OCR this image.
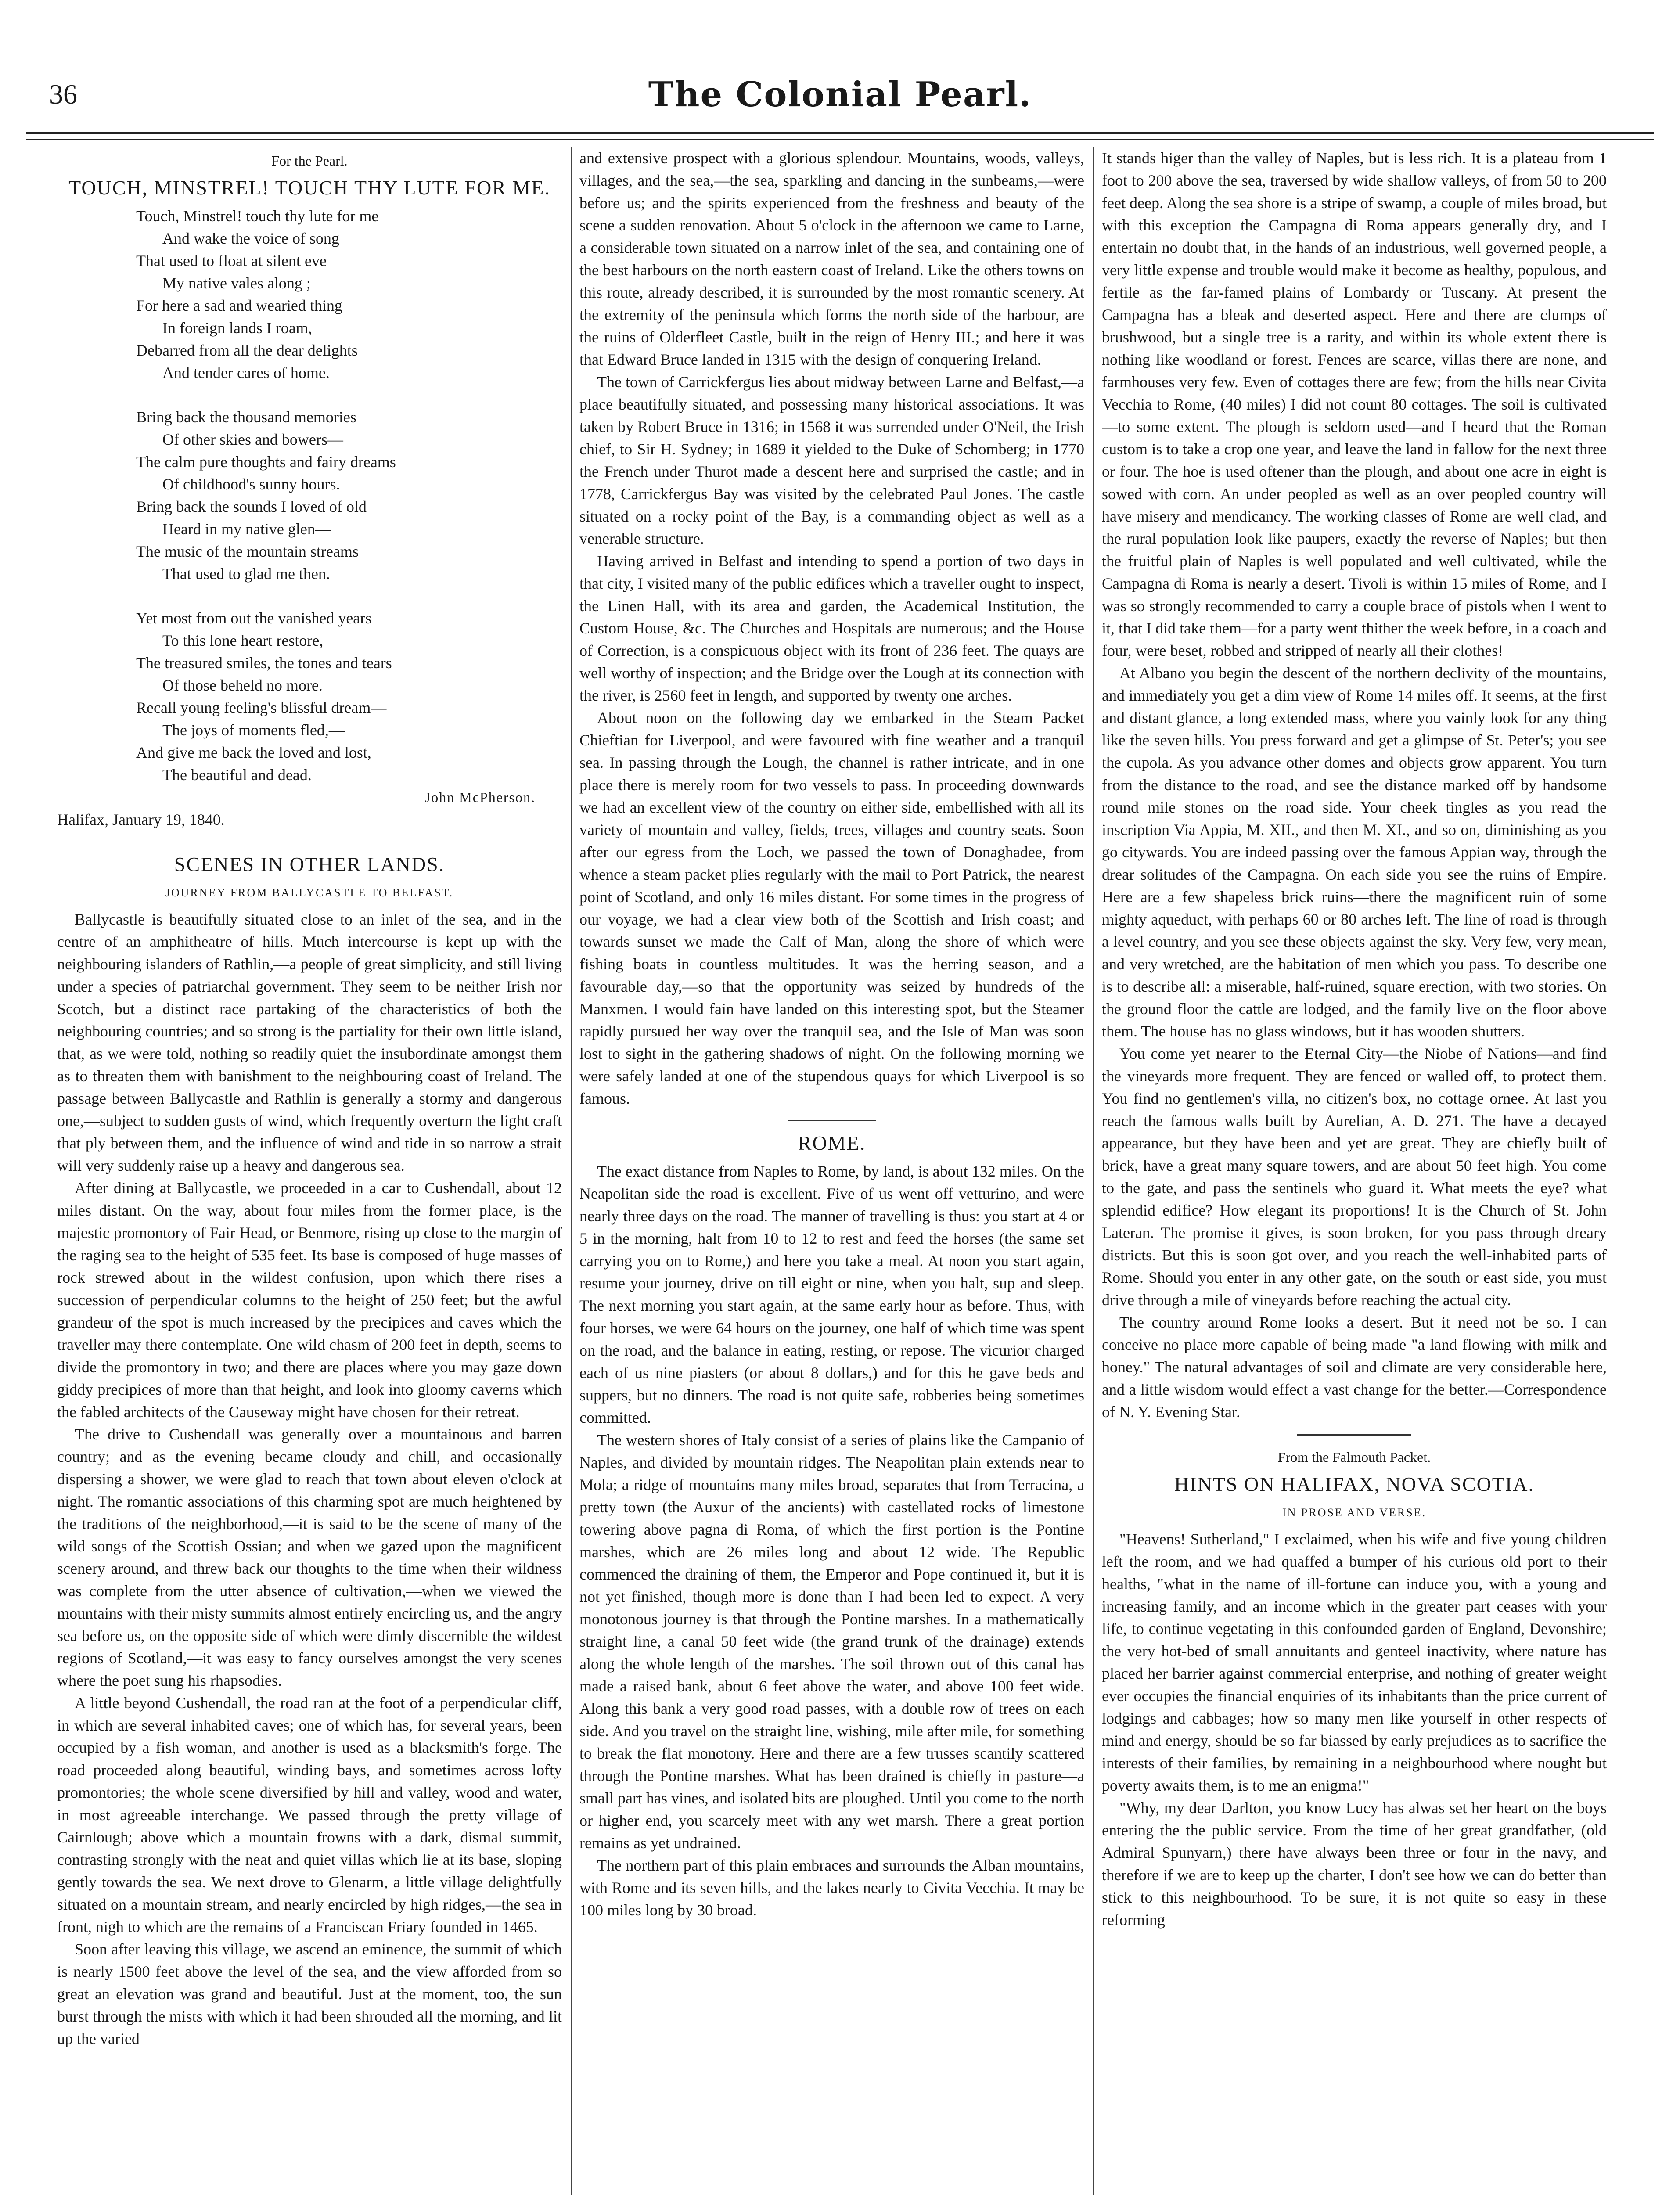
36	The Colonial Pearl.
For the Pearl.
TOUCH, MINSTREL! TOUCH THY LUTE FOR ME.
Touch, Minstrel! touch thy lute for me
And wake the voice of song
That used to float at silent eve
My native vales along ;
For here a sad and wearied thing
In foreign lands I roam,
Debarred from all the dear delights
And tender cares of home.
Bring back the thousand memories
Of other skies and bowers—
The calm pure thoughts and fairy dreams
Of childhood's sunny hours.
Bring back the sounds I loved of old
Heard in my native glen—
The music of the mountain streams
That used to glad me then.
Yet most from out the vanished years
To this lone heart restore,
The treasured smiles, the tones and tears
Of those beheld no more.
Recall young feeling's blissful dream—
The joys of moments fled,—
And give me back the loved and lost,
The beautiful and dead.
John McPherson.
Halifax, January 19, 1840.
SCENES IN OTHER LANDS.
JOURNEY FROM BALLYCASTLE TO BELFAST.

Ballycastle is beautifully situated close to an inlet of the sea, and in the centre of an amphitheatre of hills. Much intercourse is kept up with the neighbouring islanders of Rathlin,—a people of great simplicity, and still living under a species of patriarchal government. They seem to be neither Irish nor Scotch, but a distinct race partaking of the characteristics of both the neighbouring countries; and so strong is the partiality for their own little island, that, as we were told, nothing so readily quiet the insubordinate amongst them as to threaten them with banishment to the neighbouring coast of Ireland. The passage between Ballycastle and Rathlin is generally a stormy and dangerous one,—subject to sudden gusts of wind, which frequently overturn the light craft that ply between them, and the influence of wind and tide in so narrow a strait will very suddenly raise up a heavy and dangerous sea.

After dining at Ballycastle, we proceeded in a car to Cushendall, about 12 miles distant. On the way, about four miles from the former place, is the majestic promontory of Fair Head, or Benmore, rising up close to the margin of the raging sea to the height of 535 feet. Its base is composed of huge masses of rock strewed about in the wildest confusion, upon which there rises a succession of perpendicular columns to the height of 250 feet; but the awful grandeur of the spot is much increased by the precipices and caves which the traveller may there contemplate. One wild chasm of 200 feet in depth, seems to divide the promontory in two; and there are places where you may gaze down giddy precipices of more than that height, and look into gloomy caverns which the fabled architects of the Causeway might have chosen for their retreat.

The drive to Cushendall was generally over a mountainous and barren country; and as the evening became cloudy and chill, and occasionally dispersing a shower, we were glad to reach that town about eleven o'clock at night. The romantic associations of this charming spot are much heightened by the traditions of the neighborhood,—it is said to be the scene of many of the wild songs of the Scottish Ossian; and when we gazed upon the magnificent scenery around, and threw back our thoughts to the time when their wildness was complete from the utter absence of cultivation,—when we viewed the mountains with their misty summits almost entirely encircling us, and the angry sea before us, on the opposite side of which were dimly discernible the wildest regions of Scotland,—it was easy to fancy ourselves amongst the very scenes where the poet sung his rhapsodies.

A little beyond Cushendall, the road ran at the foot of a perpendicular cliff, in which are several inhabited caves; one of which has, for several years, been occupied by a fish woman, and another is used as a blacksmith's forge. The road proceeded along beautiful, winding bays, and sometimes across lofty promontories; the whole scene diversified by hill and valley, wood and water, in most agreeable interchange. We passed through the pretty village of Cairnlough; above which a mountain frowns with a dark, dismal summit, contrasting strongly with the neat and quiet villas which lie at its base, sloping gently towards the sea. We next drove to Glenarm, a little village delightfully situated on a mountain stream, and nearly encircled by high ridges,—the sea in front, nigh to which are the remains of a Franciscan Friary founded in 1465.

Soon after leaving this village, we ascend an eminence, the summit of which is nearly 1500 feet above the level of the sea, and the view afforded from so great an elevation was grand and beautiful. Just at the moment, too, the sun burst through the mists with which it had been shrouded all the morning, and lit up the varied

and extensive prospect with a glorious splendour. Mountains, woods, valleys, villages, and the sea,—the sea, sparkling and dancing in the sunbeams,—were before us; and the spirits experienced from the freshness and beauty of the scene a sudden renovation. About 5 o'clock in the afternoon we came to Larne, a considerable town situated on a narrow inlet of the sea, and containing one of the best harbours on the north eastern coast of Ireland. Like the others towns on this route, already described, it is surrounded by the most romantic scenery. At the extremity of the peninsula which forms the north side of the harbour, are the ruins of Olderfleet Castle, built in the reign of Henry III.; and here it was that Edward Bruce landed in 1315 with the design of conquering Ireland.

The town of Carrickfergus lies about midway between Larne and Belfast,—a place beautifully situated, and possessing many historical associations. It was taken by Robert Bruce in 1316; in 1568 it was surrended under O'Neil, the Irish chief, to Sir H. Sydney; in 1689 it yielded to the Duke of Schomberg; in 1770 the French under Thurot made a descent here and surprised the castle; and in 1778, Carrickfergus Bay was visited by the celebrated Paul Jones. The castle situated on a rocky point of the Bay, is a commanding object as well as a venerable structure.

Having arrived in Belfast and intending to spend a portion of two days in that city, I visited many of the public edifices which a traveller ought to inspect, the Linen Hall, with its area and garden, the Academical Institution, the Custom House, &c. The Churches and Hospitals are numerous; and the House of Correction, is a conspicuous object with its front of 236 feet. The quays are well worthy of inspection; and the Bridge over the Lough at its connection with the river, is 2560 feet in length, and supported by twenty one arches.

About noon on the following day we embarked in the Steam Packet Chieftian for Liverpool, and were favoured with fine weather and a tranquil sea. In passing through the Lough, the channel is rather intricate, and in one place there is merely room for two vessels to pass. In proceeding downwards we had an excellent view of the country on either side, embellished with all its variety of mountain and valley, fields, trees, villages and country seats. Soon after our egress from the Loch, we passed the town of Donaghadee, from whence a steam packet plies regularly with the mail to Port Patrick, the nearest point of Scotland, and only 16 miles distant. For some times in the progress of our voyage, we had a clear view both of the Scottish and Irish coast; and towards sunset we made the Calf of Man, along the shore of which were fishing boats in countless multitudes. It was the herring season, and a favourable day,—so that the opportunity was seized by hundreds of the Manxmen. I would fain have landed on this interesting spot, but the Steamer rapidly pursued her way over the tranquil sea, and the Isle of Man was soon lost to sight in the gathering shadows of night. On the following morning we were safely landed at one of the stupendous quays for which Liverpool is so famous.

ROME.

The exact distance from Naples to Rome, by land, is about 132 miles. On the Neapolitan side the road is excellent. Five of us went off vetturino, and were nearly three days on the road. The manner of travelling is thus: you start at 4 or 5 in the morning, halt from 10 to 12 to rest and feed the horses (the same set carrying you on to Rome,) and here you take a meal. At noon you start again, resume your journey, drive on till eight or nine, when you halt, sup and sleep. The next morning you start again, at the same early hour as before. Thus, with four horses, we were 64 hours on the journey, one half of which time was spent on the road, and the balance in eating, resting, or repose. The vicurior charged each of us nine piasters (or about 8 dollars,) and for this he gave beds and suppers, but no dinners. The road is not quite safe, robberies being sometimes committed.

The western shores of Italy consist of a series of plains like the Campanio of Naples, and divided by mountain ridges. The Neapolitan plain extends near to Mola; a ridge of mountains many miles broad, separates that from Terracina, a pretty town (the Auxur of the ancients) with castellated rocks of limestone towering above pagna di Roma, of which the first portion is the Pontine marshes, which are 26 miles long and about 12 wide. The Republic commenced the draining of them, the Emperor and Pope continued it, but it is not yet finished, though more is done than I had been led to expect. A very monotonous journey is that through the Pontine marshes. In a mathematically straight line, a canal 50 feet wide (the grand trunk of the drainage) extends along the whole length of the marshes. The soil thrown out of this canal has made a raised bank, about 6 feet above the water, and above 100 feet wide. Along this bank a very good road passes, with a double row of trees on each side. And you travel on the straight line, wishing, mile after mile, for something to break the flat monotony. Here and there are a few trusses scantily scattered through the Pontine marshes. What has been drained is chiefly in pasture—a small part has vines, and isolated bits are ploughed. Until you come to the north or higher end, you scarcely meet with any wet marsh. There a great portion remains as yet undrained.

The northern part of this plain embraces and surrounds the Alban mountains, with Rome and its seven hills, and the lakes nearly to Civita Vecchia. It may be 100 miles long by 30 broad.

It stands higer than the valley of Naples, but is less rich. It is a plateau from 1 foot to 200 above the sea, traversed by wide shallow valleys, of from 50 to 200 feet deep. Along the sea shore is a stripe of swamp, a couple of miles broad, but with this exception the Campagna di Roma appears generally dry, and I entertain no doubt that, in the hands of an industrious, well governed people, a very little expense and trouble would make it become as healthy, populous, and fertile as the far-famed plains of Lombardy or Tuscany. At present the Campagna has a bleak and deserted aspect. Here and there are clumps of brushwood, but a single tree is a rarity, and within its whole extent there is nothing like woodland or forest. Fences are scarce, villas there are none, and farmhouses very few. Even of cottages there are few; from the hills near Civita Vecchia to Rome, (40 miles) I did not count 80 cottages. The soil is cultivated—to some extent. The plough is seldom used—and I heard that the Roman custom is to take a crop one year, and leave the land in fallow for the next three or four. The hoe is used oftener than the plough, and about one acre in eight is sowed with corn. An under peopled as well as an over peopled country will have misery and mendicancy. The working classes of Rome are well clad, and the rural population look like paupers, exactly the reverse of Naples; but then the fruitful plain of Naples is well populated and well cultivated, while the Campagna di Roma is nearly a desert. Tivoli is within 15 miles of Rome, and I was so strongly recommended to carry a couple brace of pistols when I went to it, that I did take them—for a party went thither the week before, in a coach and four, were beset, robbed and stripped of nearly all their clothes!

At Albano you begin the descent of the northern declivity of the mountains, and immediately you get a dim view of Rome 14 miles off. It seems, at the first and distant glance, a long extended mass, where you vainly look for any thing like the seven hills. You press forward and get a glimpse of St. Peter's; you see the cupola. As you advance other domes and objects grow apparent. You turn from the distance to the road, and see the distance marked off by handsome round mile stones on the road side. Your cheek tingles as you read the inscription Via Appia, M. XII., and then M. XI., and so on, diminishing as you go citywards. You are indeed passing over the famous Appian way, through the drear solitudes of the Campagna. On each side you see the ruins of Empire. Here are a few shapeless brick ruins—there the magnificent ruin of some mighty aqueduct, with perhaps 60 or 80 arches left. The line of road is through a level country, and you see these objects against the sky. Very few, very mean, and very wretched, are the habitation of men which you pass. To describe one is to describe all: a miserable, half-ruined, square erection, with two stories. On the ground floor the cattle are lodged, and the family live on the floor above them. The house has no glass windows, but it has wooden shutters.

You come yet nearer to the Eternal City—the Niobe of Nations—and find the vineyards more frequent. They are fenced or walled off, to protect them. You find no gentlemen's villa, no citizen's box, no cottage ornee. At last you reach the famous walls built by Aurelian, A. D. 271. The have a decayed appearance, but they have been and yet are great. They are chiefly built of brick, have a great many square towers, and are about 50 feet high. You come to the gate, and pass the sentinels who guard it. What meets the eye? what splendid edifice? How elegant its proportions! It is the Church of St. John Lateran. The promise it gives, is soon broken, for you pass through dreary districts. But this is soon got over, and you reach the well-inhabited parts of Rome. Should you enter in any other gate, on the south or east side, you must drive through a mile of vineyards before reaching the actual city.

The country around Rome looks a desert. But it need not be so. I can conceive no place more capable of being made "a land flowing with milk and honey." The natural advantages of soil and climate are very considerable here, and a little wisdom would effect a vast change for the better.—Correspondence of N. Y. Evening Star.

From the Falmouth Packet.
HINTS ON HALIFAX, NOVA SCOTIA.
IN PROSE AND VERSE.

"Heavens! Sutherland," I exclaimed, when his wife and five young children left the room, and we had quaffed a bumper of his curious old port to their healths, "what in the name of ill-fortune can induce you, with a young and increasing family, and an income which in the greater part ceases with your life, to continue vegetating in this confounded garden of England, Devonshire; the very hot-bed of small annuitants and genteel inactivity, where nature has placed her barrier against commercial enterprise, and nothing of greater weight ever occupies the financial enquiries of its inhabitants than the price current of lodgings and cabbages; how so many men like yourself in other respects of mind and energy, should be so far biassed by early prejudices as to sacrifice the interests of their families, by remaining in a neighbourhood where nought but poverty awaits them, is to me an enigma!"

"Why, my dear Darlton, you know Lucy has alwas set her heart on the boys entering the the public service. From the time of her great grandfather, (old Admiral Spunyarn,) there have always been three or four in the navy, and therefore if we are to keep up the charter, I don't see how we can do better than stick to this neighbourhood. To be sure, it is not quite so easy in these reforming
